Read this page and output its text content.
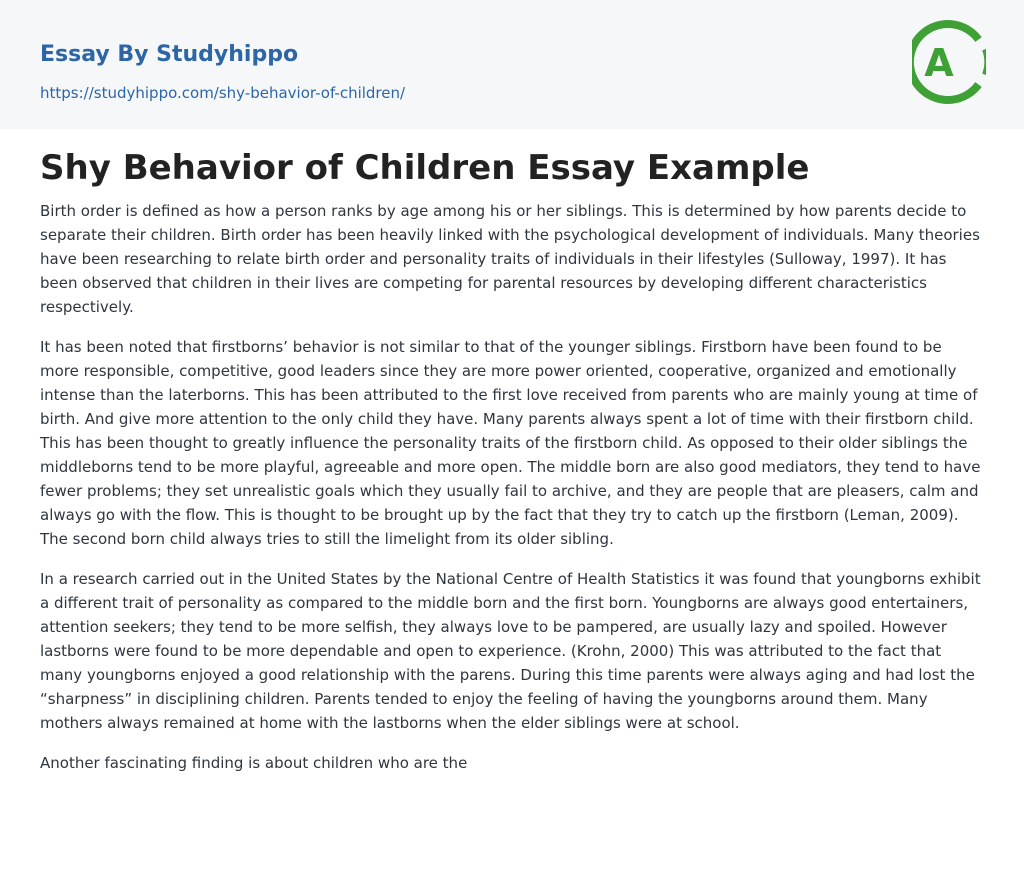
Essay By Studyhippo
https://studyhippo.com/shy-behavior-of-children/
A
Shy Behavior of Children Essay Example

Birth order is defined as how a person ranks by age among his or her siblings. This is determined by how parents decide to separate their children. Birth order has been heavily linked with the psychological development of individuals. Many theories have been researching to relate birth order and personality traits of individuals in their lifestyles (Sulloway, 1997). It has been observed that children in their lives are competing for parental resources by developing different characteristics respectively.

It has been noted that firstborns’ behavior is not similar to that of the younger siblings. Firstborn have been found to be more responsible, competitive, good leaders since they are more power oriented, cooperative, organized and emotionally intense than the laterborns. This has been attributed to the first love received from parents who are mainly young at time of birth. And give more attention to the only child they have. Many parents always spent a lot of time with their firstborn child. This has been thought to greatly influence the personality traits of the firstborn child. As opposed to their older siblings the middleborns tend to be more playful, agreeable and more open. The middle born are also good mediators, they tend to have fewer problems; they set unrealistic goals which they usually fail to archive, and they are people that are pleasers, calm and always go with the flow. This is thought to be brought up by the fact that they try to catch up the firstborn (Leman, 2009). The second born child always tries to still the limelight from its older sibling.

In a research carried out in the United States by the National Centre of Health Statistics it was found that youngborns exhibit a different trait of personality as compared to the middle born and the first born. Youngborns are always good entertainers, attention seekers; they tend to be more selfish, they always love to be pampered, are usually lazy and spoiled. However lastborns were found to be more dependable and open to experience. (Krohn, 2000) This was attributed to the fact that many youngborns enjoyed a good relationship with the parens. During this time parents were always aging and had lost the “sharpness” in disciplining children. Parents tended to enjoy the feeling of having the youngborns around them. Many mothers always remained at home with the lastborns when the elder siblings were at school.

Another fascinating finding is about children who are the
